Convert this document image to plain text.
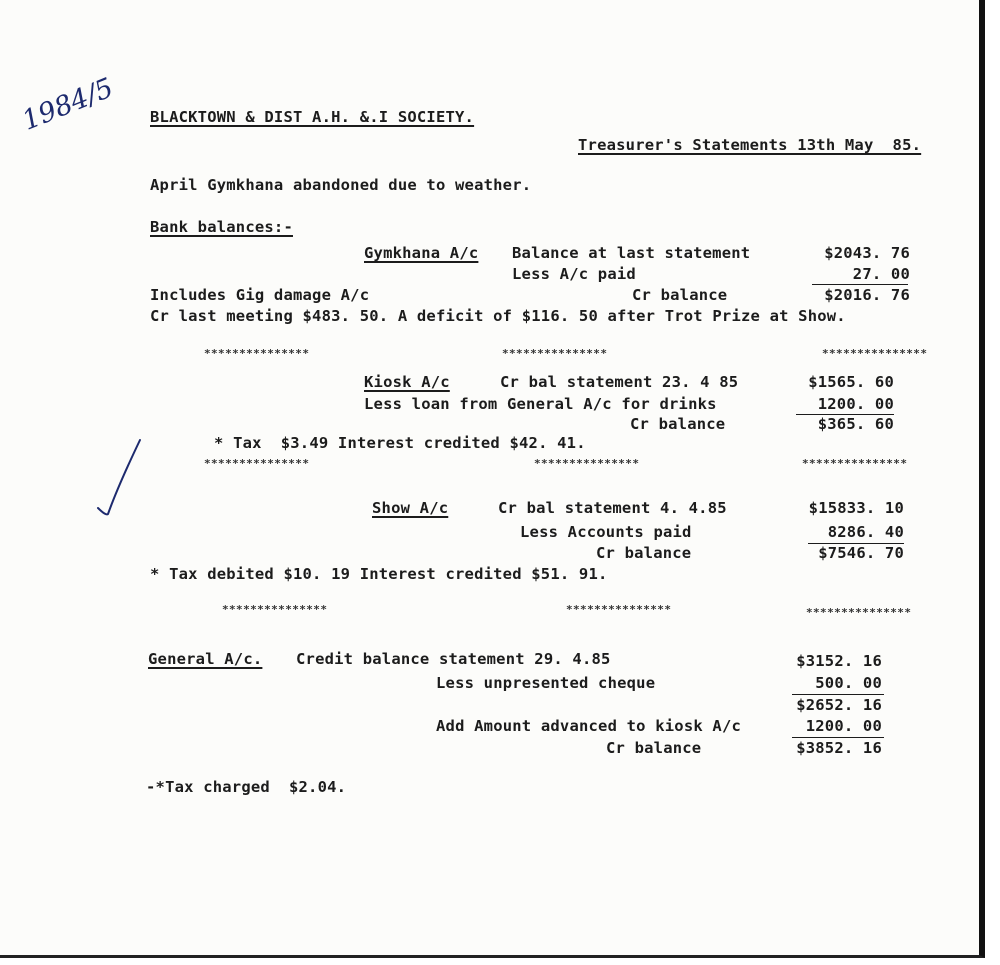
1984/5 BLACKTOWN & DIST A.H. &.I SOCIETY.
Treasurer's Statements 13th May  85.
April Gymkhana abandoned due to weather.
Bank balances:-
Gymkhana A/c Balance at last statement	$2043. 76
Less A/c paid	27. 00
Includes Gig damage A/c	Cr balance	$2016. 76
Cr last meeting $483. 50. A deficit of $116. 50 after Trot Prize at Show.
***************	***************	***************
Kiosk A/c	Cr bal statement 23. 4 85	$1565. 60
Less loan from General A/c for drinks	1200. 00
Cr balance	$365. 60
* Tax  $3.49 Interest credited $42. 41.
***************	***************	***************
Show A/c	Cr bal statement 4. 4.85	$15833. 10
Less Accounts paid	8286. 40
Cr balance	$7546. 70
* Tax debited $10. 19 Interest credited $51. 91.
***************	***************	***************
General A/c. Credit balance statement 29. 4.85	$3152. 16
Less unpresented cheque	500. 00
$2652. 16
Add Amount advanced to kiosk A/c	1200. 00
Cr balance	$3852. 16
-*Tax charged  $2.04.
